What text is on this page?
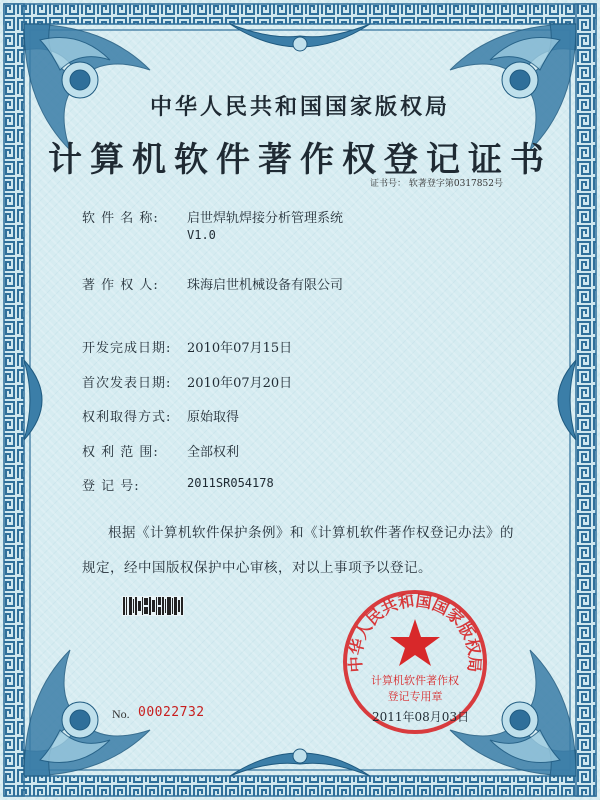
中华人民共和国国家版权局
计算机软件著作权登记证书
证书号： 软著登字第0317852号
软 件 名 称: 启世焊轨焊接分析管理系统
V1.0
著 作 权 人: 珠海启世机械设备有限公司
开发完成日期: 2010年07月15日
首次发表日期: 2010年07月20日
权利取得方式: 原始取得
权 利 范 围: 全部权利
登 记 号:	2011SR054178
根据《计算机软件保护条例》和《计算机软件著作权登记办法》的
规定，经中国版权保护中心审核，对以上事项予以登记。
中华人民共和国国家版权局
计算机软件著作权
登记专用章
No. 00022732	2011年08月03日
